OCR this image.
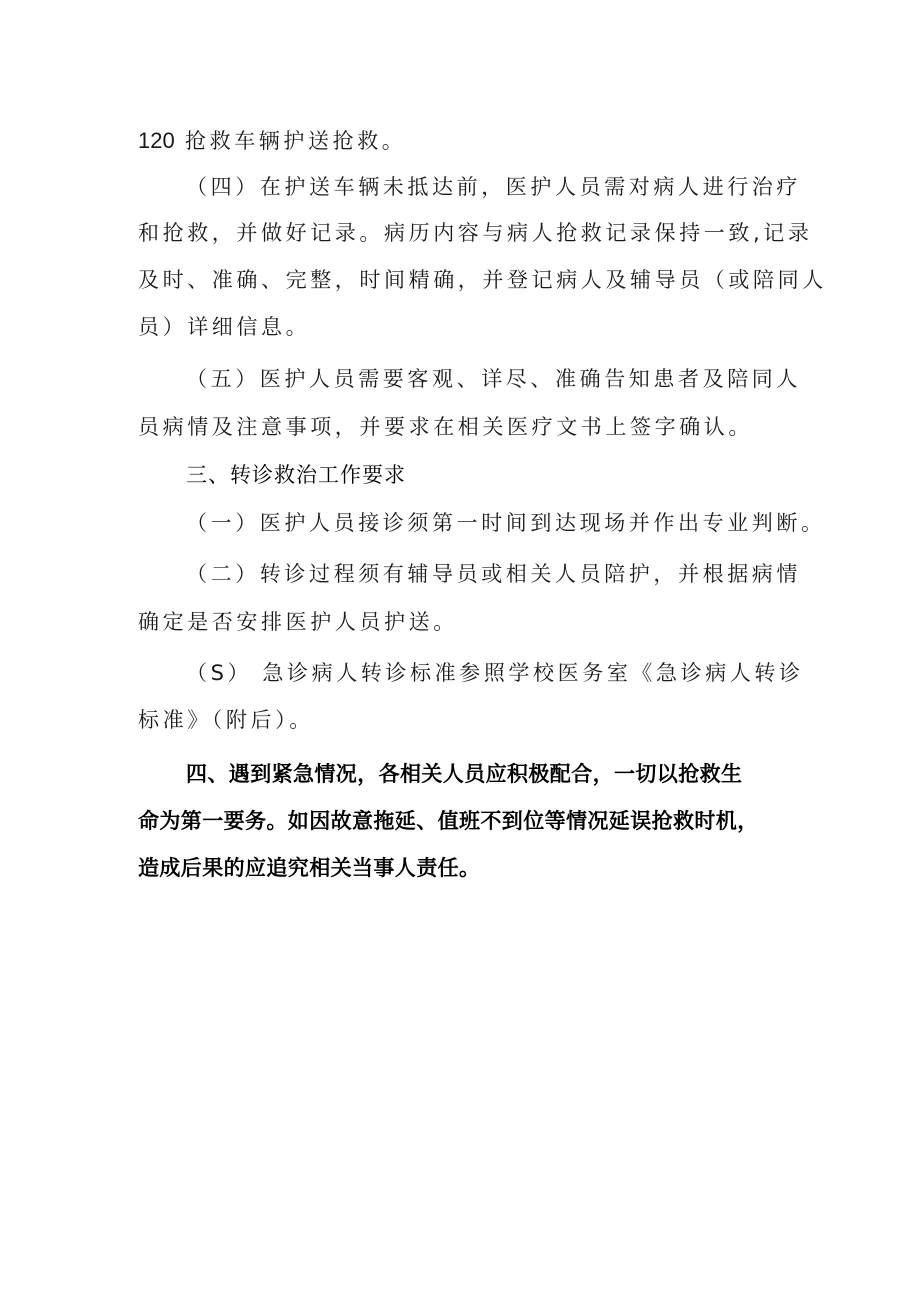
120 抢救车辆护送抢救。
（四）在护送车辆未抵达前，医护人员需对病人进行治疗
和抢救，并做好记录。病历内容与病人抢救记录保持一致,记录
及时、准确、完整，时间精确，并登记病人及辅导员（或陪同人
员）详细信息。
（五）医护人员需要客观、详尽、准确告知患者及陪同人
员病情及注意事项，并要求在相关医疗文书上签字确认。
三、转诊救治工作要求
（一）医护人员接诊须第一时间到达现场并作出专业判断。
（二）转诊过程须有辅导员或相关人员陪护，并根据病情
确定是否安排医护人员护送。
（S） 急诊病人转诊标准参照学校医务室《急诊病人转诊
标准》（附后）。
四、遇到紧急情况，各相关人员应积极配合，一切以抢救生
命为第一要务。如因故意拖延、值班不到位等情况延误抢救时机，
造成后果的应追究相关当事人责任。
